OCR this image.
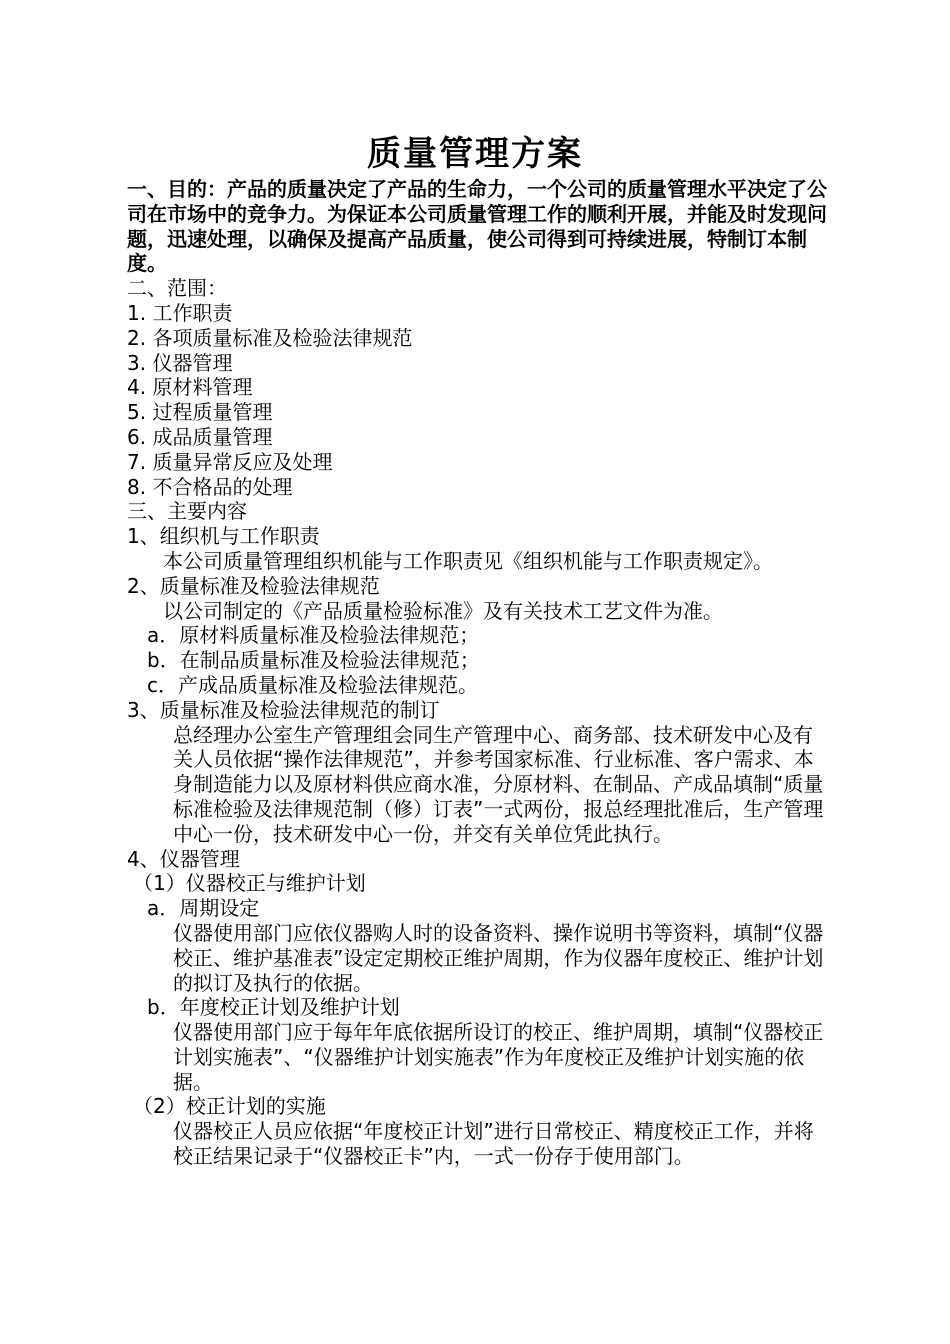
质量管理方案

一、目的：产品的质量决定了产品的生命力，一个公司的质量管理水平决定了公司在市场中的竞争力。为保证本公司质量管理工作的顺利开展，并能及时发现问题，迅速处理，以确保及提高产品质量，使公司得到可持续进展，特制订本制度。

二、范围：

1. 工作职责

2. 各项质量标准及检验法律规范

3. 仪器管理

4. 原材料管理

5. 过程质量管理

6. 成品质量管理

7. 质量异常反应及处理

8. 不合格品的处理

三、主要内容

1、组织机与工作职责

本公司质量管理组织机能与工作职责见《组织机能与工作职责规定》。

2、质量标准及检验法律规范

以公司制定的《产品质量检验标准》及有关技术工艺文件为准。

a．原材料质量标准及检验法律规范；

b．在制品质量标准及检验法律规范；

c．产成品质量标准及检验法律规范。

3、质量标准及检验法律规范的制订

总经理办公室生产管理组会同生产管理中心、商务部、技术研发中心及有关人员依据“操作法律规范”，并参考国家标准、行业标准、客户需求、本身制造能力以及原材料供应商水准，分原材料、在制品、产成品填制“质量标准检验及法律规范制（修）订表”一式两份，报总经理批准后，生产管理中心一份，技术研发中心一份，并交有关单位凭此执行。

4、仪器管理

（1）仪器校正与维护计划

a．周期设定

仪器使用部门应依仪器购人时的设备资料、操作说明书等资料，填制“仪器校正、维护基准表”设定定期校正维护周期，作为仪器年度校正、维护计划的拟订及执行的依据。

b．年度校正计划及维护计划

仪器使用部门应于每年年底依据所设订的校正、维护周期，填制“仪器校正计划实施表”、“仪器维护计划实施表”作为年度校正及维护计划实施的依据。

（2）校正计划的实施

仪器校正人员应依据“年度校正计划”进行日常校正、精度校正工作，并将校正结果记录于“仪器校正卡”内，一式一份存于使用部门。
